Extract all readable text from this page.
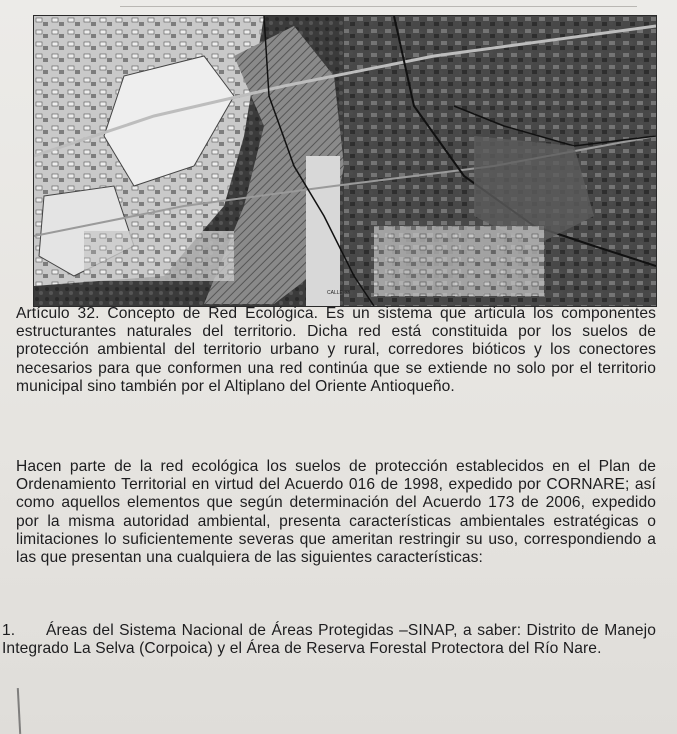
CALLE 33

Artículo 32. Concepto de Red Ecológica. Es un sistema que articula los componentes estructurantes naturales del territorio. Dicha red está constituida por los suelos de protección ambiental del territorio urbano y rural, corredores bióticos y los conectores necesarios para que conformen una red continúa que se extiende no solo por el territorio municipal sino también por el Altiplano del Oriente Antioqueño.

Hacen parte de la red ecológica los suelos de protección establecidos en el Plan de Ordenamiento Territorial en virtud del Acuerdo 016 de 1998, expedido por CORNARE; así como aquellos elementos que según determinación del Acuerdo 173 de 2006, expedido por la misma autoridad ambiental, presenta características ambientales estratégicas o limitaciones lo suficientemente severas que ameritan restringir su uso, correspondiendo a las que presentan una cualquiera de las siguientes características:

1. Áreas del Sistema Nacional de Áreas Protegidas –SINAP, a saber: Distrito de Manejo Integrado La Selva (Corpoica) y el Área de Reserva Forestal Protectora del Río Nare.
